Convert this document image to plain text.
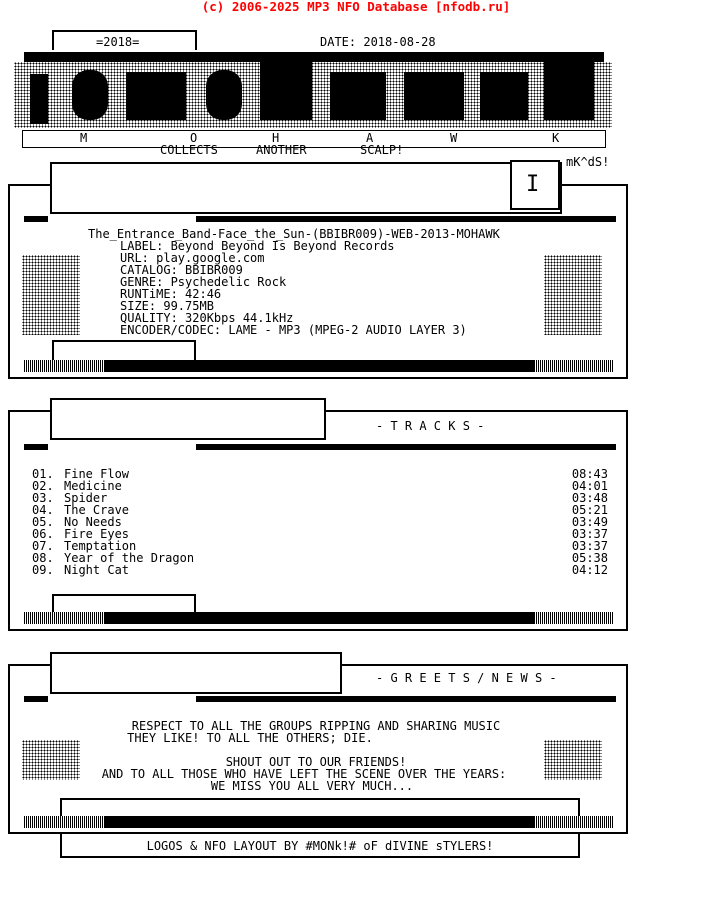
(c) 2006-2025 MP3 NFO Database [nfodb.ru]
=2018=	DATE: 2018-08-28
M	O	H	A	W	K
COLLECTS	ANOTHER	SCALP!
mK^dS!
I
The_Entrance_Band-Face_the_Sun-(BBIBR009)-WEB-2013-MOHAWK
LABEL: Beyond Beyond Is Beyond Records
URL: play.google.com
CATALOG: BBIBR009
GENRE: Psychedelic Rock
RUNTiME: 42:46
SIZE: 99.75MB
QUALITY: 320Kbps 44.1kHz
ENCODER/CODEC: LAME - MP3 (MPEG-2 AUDIO LAYER 3)
- T R A C K S -
01. Fine Flow	08:43
02. Medicine	04:01
03. Spider	03:48
04. The Crave	05:21
05. No Needs	03:49
06. Fire Eyes	03:37
07. Temptation	03:37
08. Year of the Dragon	05:38
09. Night Cat	04:12
- G R E E T S / N E W S -
RESPECT TO ALL THE GROUPS RIPPING AND SHARING MUSIC
THEY LIKE! TO ALL THE OTHERS; DIE.
SHOUT OUT TO OUR FRIENDS!
AND TO ALL THOSE WHO HAVE LEFT THE SCENE OVER THE YEARS:
WE MISS YOU ALL VERY MUCH...
LOGOS & NFO LAYOUT BY #MONk!# oF dIVINE sTYLERS!
